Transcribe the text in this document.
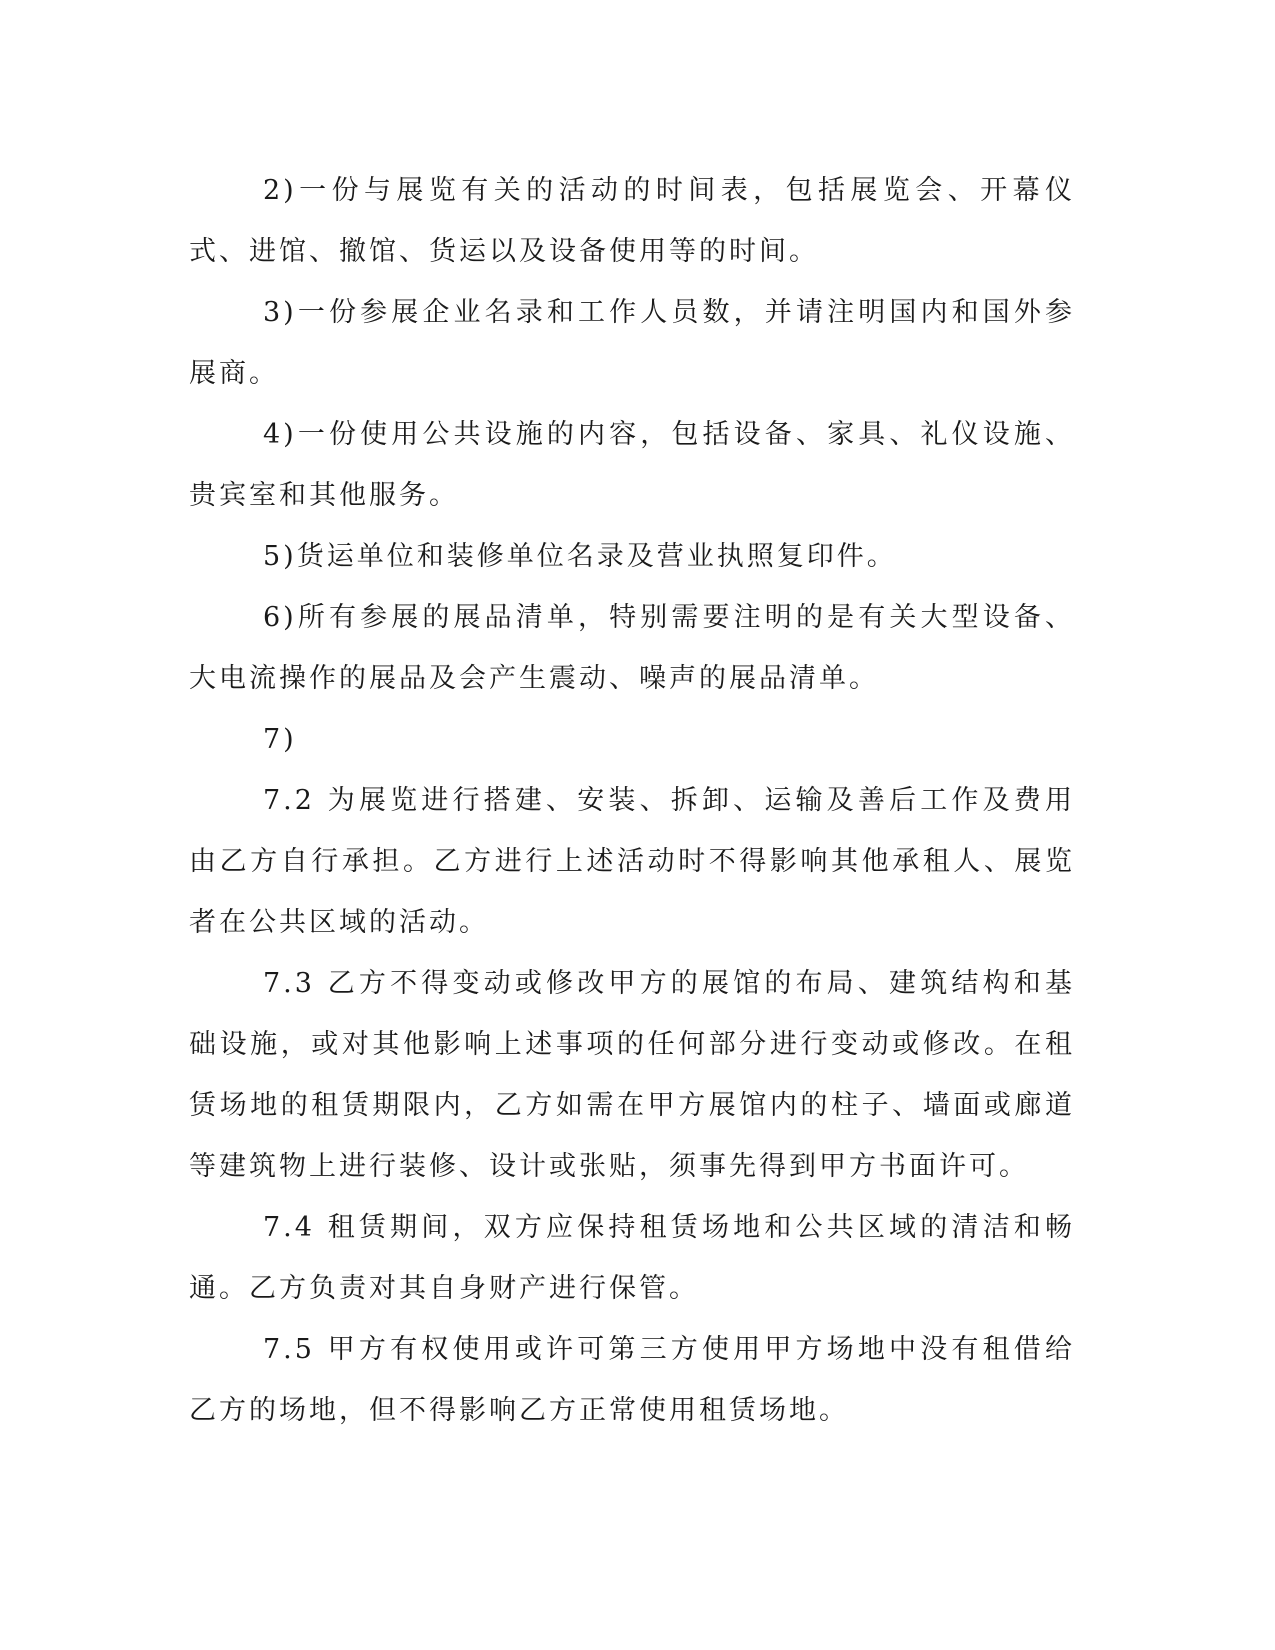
2)一份与展览有关的活动的时间表，包括展览会、开幕仪式、进馆、撤馆、货运以及设备使用等的时间。

3)一份参展企业名录和工作人员数，并请注明国内和国外参展商。

4)一份使用公共设施的内容，包括设备、家具、礼仪设施、贵宾室和其他服务。

5)货运单位和装修单位名录及营业执照复印件。

6)所有参展的展品清单，特别需要注明的是有关大型设备、大电流操作的展品及会产生震动、噪声的展品清单。

7)

7.2 为展览进行搭建、安装、拆卸、运输及善后工作及费用由乙方自行承担。乙方进行上述活动时不得影响其他承租人、展览者在公共区域的活动。

7.3 乙方不得变动或修改甲方的展馆的布局、建筑结构和基础设施，或对其他影响上述事项的任何部分进行变动或修改。在租赁场地的租赁期限内，乙方如需在甲方展馆内的柱子、墙面或廊道等建筑物上进行装修、设计或张贴，须事先得到甲方书面许可。

7.4 租赁期间，双方应保持租赁场地和公共区域的清洁和畅通。乙方负责对其自身财产进行保管。

7.5 甲方有权使用或许可第三方使用甲方场地中没有租借给乙方的场地，但不得影响乙方正常使用租赁场地。
